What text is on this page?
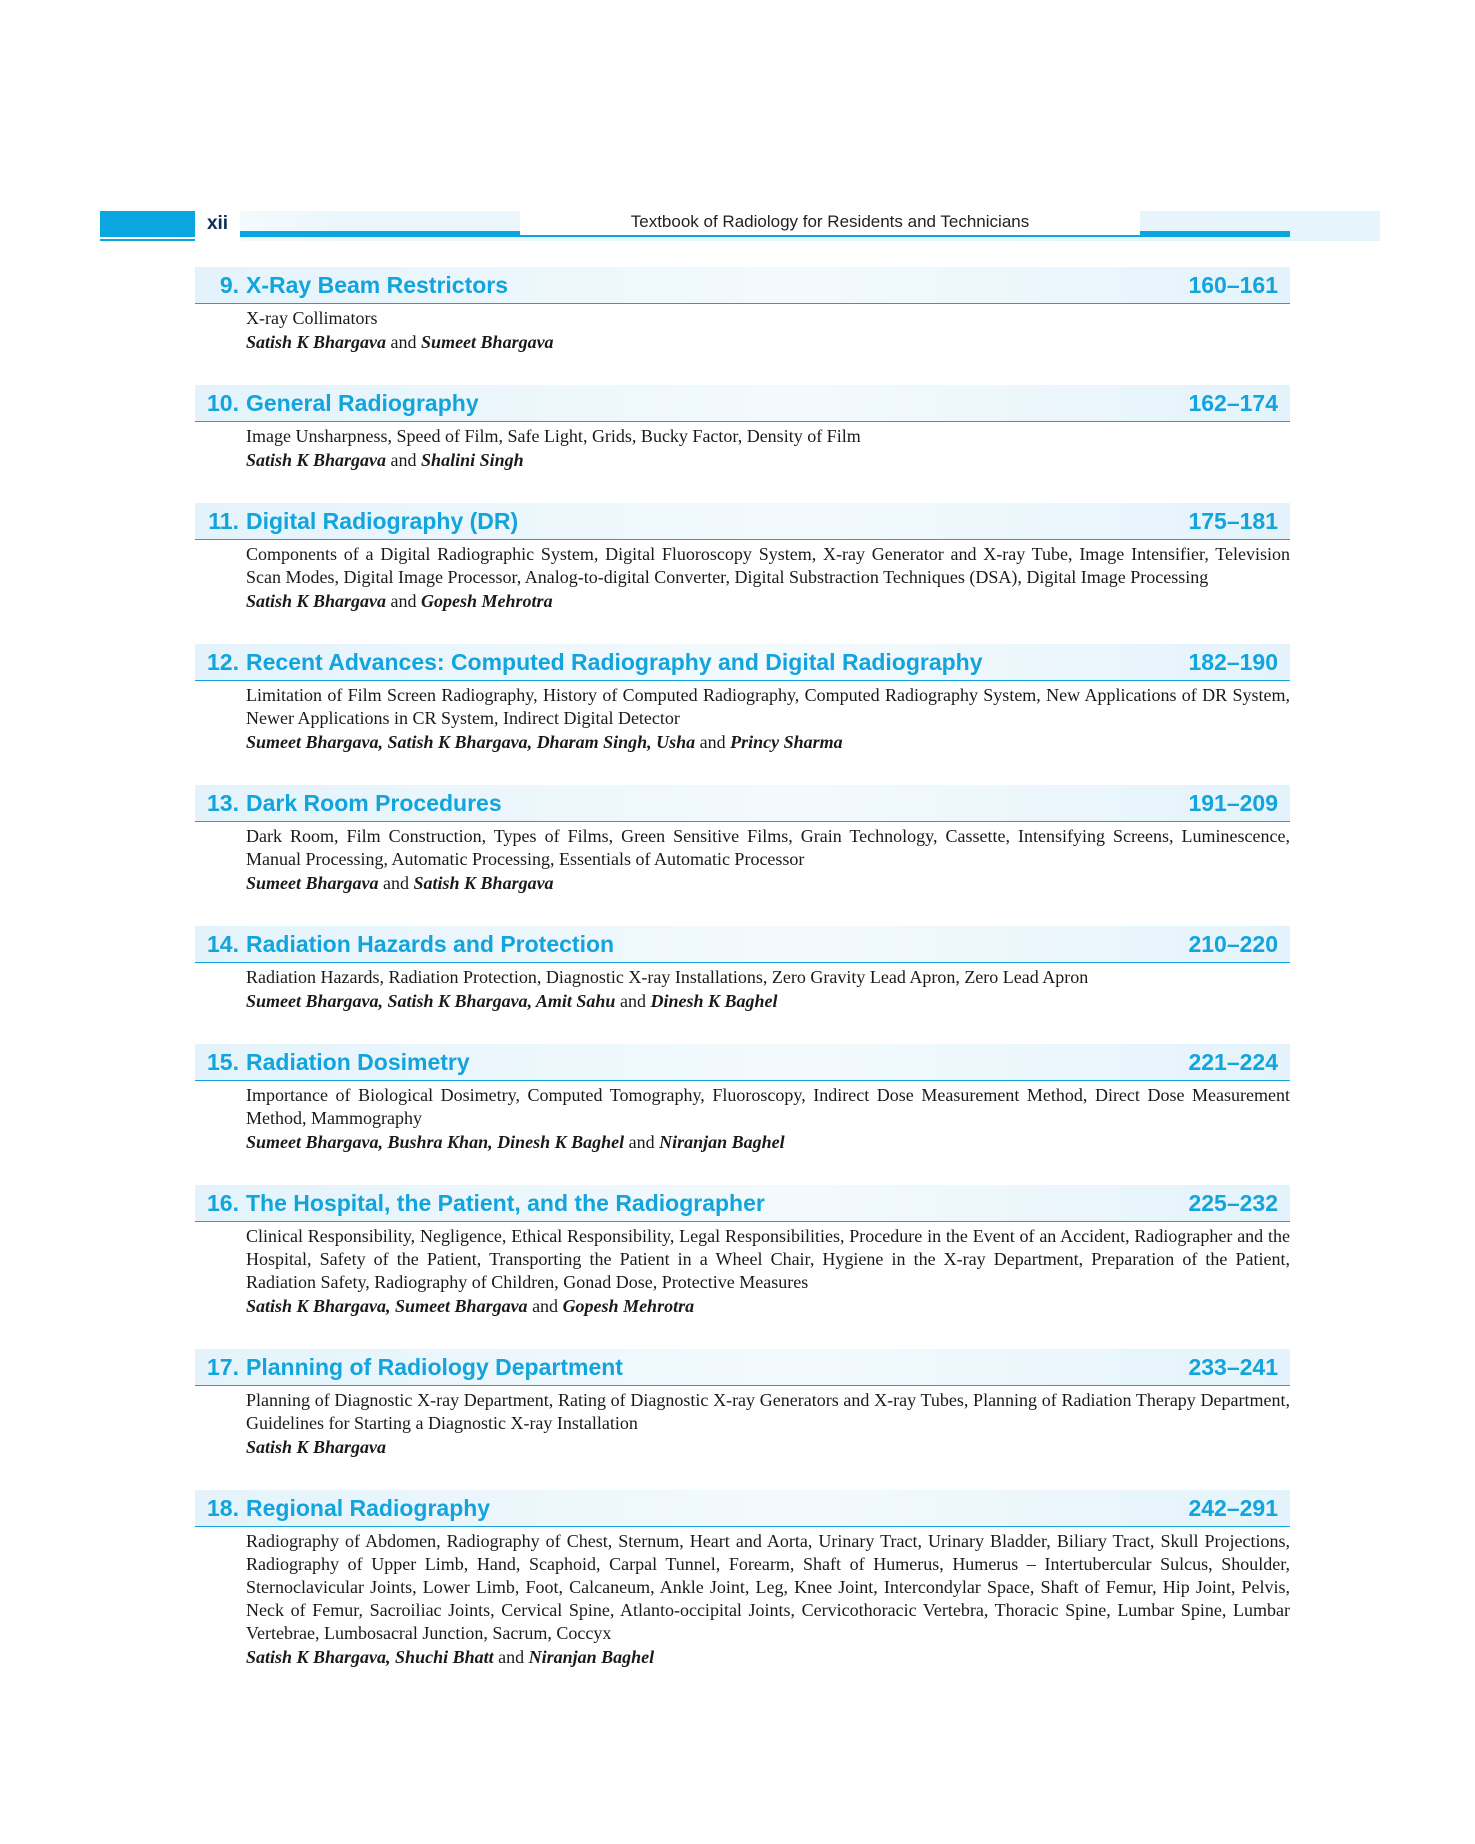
xii	Textbook of Radiology for Residents and Technicians
9. X-Ray Beam Restrictors	160–161

X-ray Collimators

Satish K Bhargava and Sumeet Bhargava

10. General Radiography	162–174

Image Unsharpness, Speed of Film, Safe Light, Grids, Bucky Factor, Density of Film

Satish K Bhargava and Shalini Singh

11. Digital Radiography (DR)	175–181

Components of a Digital Radiographic System, Digital Fluoroscopy System, X-ray Generator and X-ray Tube, Image Intensifier, Television Scan Modes, Digital Image Processor, Analog-to-digital Converter, Digital Substraction Techniques (DSA), Digital Image Processing

Satish K Bhargava and Gopesh Mehrotra

12. Recent Advances: Computed Radiography and Digital Radiography	182–190

Limitation of Film Screen Radiography, History of Computed Radiography, Computed Radiography System, New Applications of DR System, Newer Applications in CR System, Indirect Digital Detector

Sumeet Bhargava, Satish K Bhargava, Dharam Singh, Usha and Princy Sharma

13. Dark Room Procedures	191–209

Dark Room, Film Construction, Types of Films, Green Sensitive Films, Grain Technology, Cassette, Intensifying Screens, Luminescence, Manual Processing, Automatic Processing, Essentials of Automatic Processor

Sumeet Bhargava and Satish K Bhargava

14. Radiation Hazards and Protection	210–220

Radiation Hazards, Radiation Protection, Diagnostic X-ray Installations, Zero Gravity Lead Apron, Zero Lead Apron

Sumeet Bhargava, Satish K Bhargava, Amit Sahu and Dinesh K Baghel

15. Radiation Dosimetry	221–224

Importance of Biological Dosimetry, Computed Tomography, Fluoroscopy, Indirect Dose Measurement Method, Direct Dose Measurement Method, Mammography

Sumeet Bhargava, Bushra Khan, Dinesh K Baghel and Niranjan Baghel

16. The Hospital, the Patient, and the Radiographer	225–232

Clinical Responsibility, Negligence, Ethical Responsibility, Legal Responsibilities, Procedure in the Event of an Accident, Radiographer and the Hospital, Safety of the Patient, Transporting the Patient in a Wheel Chair, Hygiene in the X-ray Department, Preparation of the Patient, Radiation Safety, Radiography of Children, Gonad Dose, Protective Measures

Satish K Bhargava, Sumeet Bhargava and Gopesh Mehrotra

17. Planning of Radiology Department	233–241

Planning of Diagnostic X-ray Department, Rating of Diagnostic X-ray Generators and X-ray Tubes, Planning of Radiation Therapy Department, Guidelines for Starting a Diagnostic X-ray Installation

Satish K Bhargava

18. Regional Radiography	242–291

Radiography of Abdomen, Radiography of Chest, Sternum, Heart and Aorta, Urinary Tract, Urinary Bladder, Biliary Tract, Skull Projections, Radiography of Upper Limb, Hand, Scaphoid, Carpal Tunnel, Forearm, Shaft of Humerus, Humerus – Intertubercular Sulcus, Shoulder, Sternoclavicular Joints, Lower Limb, Foot, Calcaneum, Ankle Joint, Leg, Knee Joint, Intercondylar Space, Shaft of Femur, Hip Joint, Pelvis, Neck of Femur, Sacroiliac Joints, Cervical Spine, Atlanto-occipital Joints, Cervicothoracic Vertebra, Thoracic Spine, Lumbar Spine, Lumbar Vertebrae, Lumbosacral Junction, Sacrum, Coccyx

Satish K Bhargava, Shuchi Bhatt and Niranjan Baghel
